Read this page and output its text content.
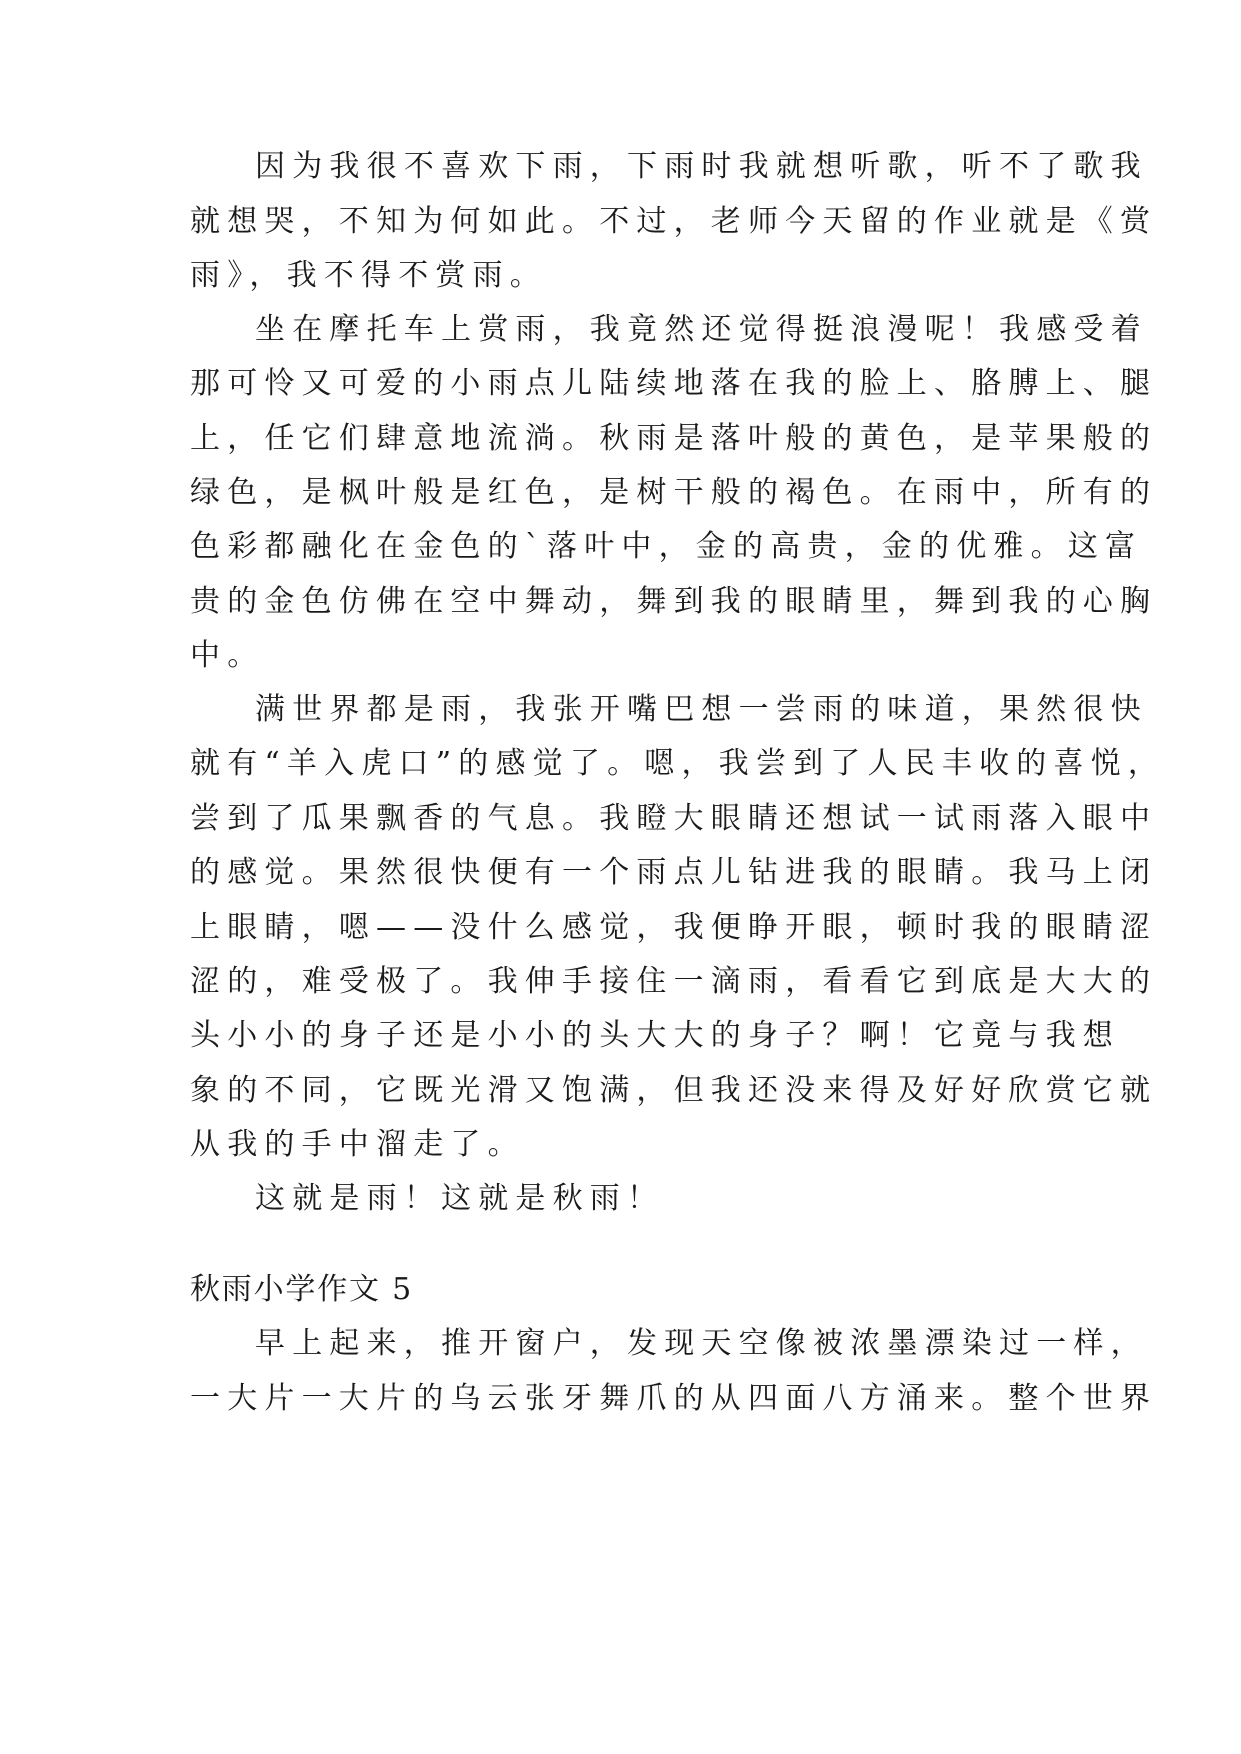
因为我很不喜欢下雨，下雨时我就想听歌，听不了歌我
就想哭，不知为何如此。不过，老师今天留的作业就是《赏
雨》，我不得不赏雨。
坐在摩托车上赏雨，我竟然还觉得挺浪漫呢！我感受着
那可怜又可爱的小雨点儿陆续地落在我的脸上、胳膊上、腿
上，任它们肆意地流淌。秋雨是落叶般的黄色，是苹果般的
绿色，是枫叶般是红色，是树干般的褐色。在雨中，所有的
色彩都融化在金色的`落叶中，金的高贵，金的优雅。这富
贵的金色仿佛在空中舞动，舞到我的眼睛里，舞到我的心胸
中。
满世界都是雨，我张开嘴巴想一尝雨的味道，果然很快
就有“羊入虎口”的感觉了。嗯，我尝到了人民丰收的喜悦，
尝到了瓜果飘香的气息。我瞪大眼睛还想试一试雨落入眼中
的感觉。果然很快便有一个雨点儿钻进我的眼睛。我马上闭
上眼睛，嗯——没什么感觉，我便睁开眼，顿时我的眼睛涩
涩的，难受极了。我伸手接住一滴雨，看看它到底是大大的
头小小的身子还是小小的头大大的身子？啊！它竟与我想
象的不同，它既光滑又饱满，但我还没来得及好好欣赏它就
从我的手中溜走了。
这就是雨！这就是秋雨！
秋雨小学作文 5
早上起来，推开窗户，发现天空像被浓墨漂染过一样，
一大片一大片的乌云张牙舞爪的从四面八方涌来。整个世界
